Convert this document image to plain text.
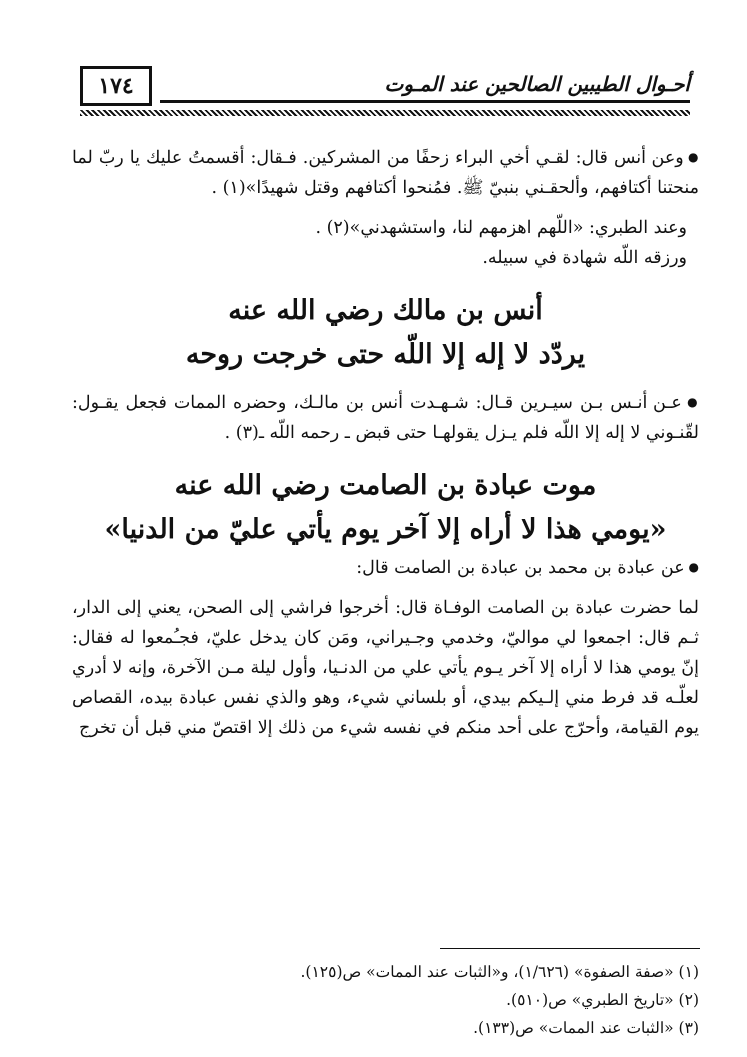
١٧٤	أحـوال الطيبين الصالحين عند المـوت

● وعن أنس قال: لقـي أخي البراء زحفًا من المشركين. فـقال: أقسمتُ عليك يا ربّ لما منحتنا أكتافهم، وألحقـني بنبيّ ﷺ. فمُنحوا أكتافهم وقتل شهيدًا»(١) .

وعند الطبري: «اللّهم اهزمهم لنا، واستشهدني»(٢) .

ورزقه اللّه شهادة في سبيله.

أنس بن مالك رضي الله عنه

يردّد لا إله إلا اللّه حتى خرجت روحه

● عـن أنـس بـن سيـرين قـال: شـهـدت أنس بن مالـك، وحضره الممات فجعل يقـول: لقّنـوني لا إله إلا اللّه فلم يـزل يقولهـا حتى قبض ـ رحمه اللّه ـ(٣) .

موت عبادة بن الصامت رضي الله عنه

«يومي هذا لا أراه إلا آخر يوم يأتي عليّ من الدنيا»

● عن عبادة بن محمد بن عبادة بن الصامت قال:

لما حضرت عبادة بن الصامت الوفـاة قال: أخرجوا فراشي إلى الصحن، يعني إلى الدار، ثـم قال: اجمعوا لي مواليّ، وخدمي وجـيراني، ومَن كان يدخل عليّ، فجـُمعوا له فقال: إنّ يومي هذا لا أراه إلا آخر يـوم يأتي علي من الدنـيا، وأول ليلة مـن الآخرة، وإنه لا أدري لعلّـه قد فرط مني إلـيكم بيدي، أو بلساني شيء، وهو والذي نفس عبادة بيده، القصاص يوم القيامة، وأحرّج على أحد منكم في نفسه شيء من ذلك إلا اقتصّ مني قبل أن تخرج

(١) «صفة الصفوة» (١/٦٢٦)، و«الثبات عند الممات» ص(١٢٥).

(٢) «تاريخ الطبري» ص(٥١٠).

(٣) «الثبات عند الممات» ص(١٣٣).
